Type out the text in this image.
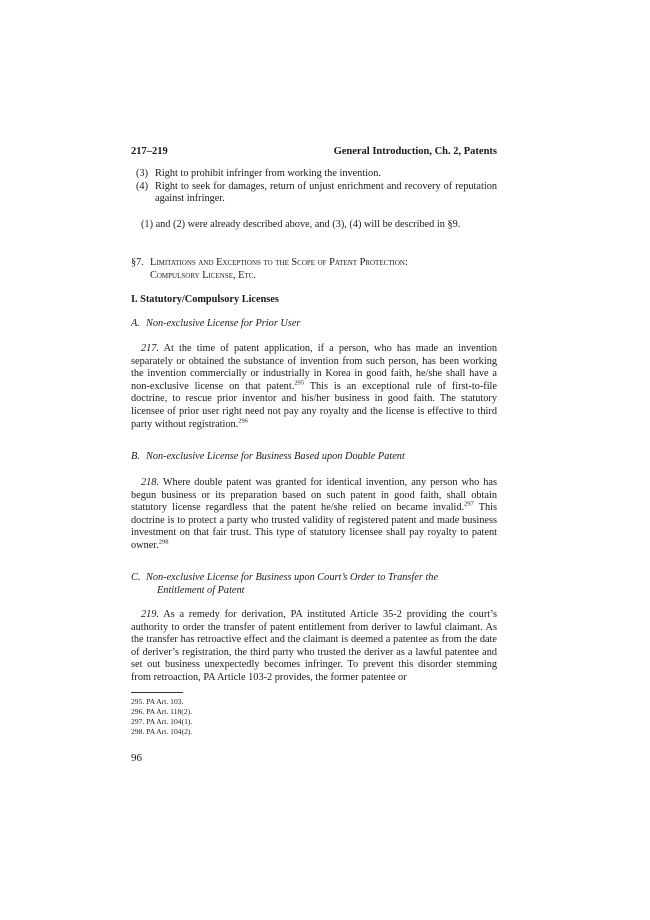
217–219	General Introduction, Ch. 2, Patents
(3) Right to prohibit infringer from working the invention.
(4) Right to seek for damages, return of unjust enrichment and recovery of reputation against infringer.
(1) and (2) were already described above, and (3), (4) will be described in §9.
§7. Limitations and Exceptions to the Scope of Patent Protection:
Compulsory License, Etc.
I. Statutory/Compulsory Licenses
A. Non-exclusive License for Prior User
217. At the time of patent application, if a person, who has made an invention separately or obtained the substance of invention from such person, has been working the invention commercially or industrially in Korea in good faith, he/she shall have a non-exclusive license on that patent.$^{295}$ This is an exceptional rule of first-to-file doctrine, to rescue prior inventor and his/her business in good faith. The statutory licensee of prior user right need not pay any royalty and the license is effective to third party without registration.$^{296}$
B. Non-exclusive License for Business Based upon Double Patent
218. Where double patent was granted for identical invention, any person who has begun business or its preparation based on such patent in good faith, shall obtain statutory license regardless that the patent he/she relied on became invalid.$^{297}$ This doctrine is to protect a party who trusted validity of registered patent and made business investment on that fair trust. This type of statutory licensee shall pay royalty to patent owner.$^{298}$
C. Non-exclusive License for Business upon Court’s Order to Transfer the
Entitlement of Patent
219. As a remedy for derivation, PA instituted Article 35-2 providing the court’s authority to order the transfer of patent entitlement from deriver to lawful claimant. As the transfer has retroactive effect and the claimant is deemed a patentee as from the date of deriver’s registration, the third party who trusted the deriver as a lawful patentee and set out business unexpectedly becomes infringer. To prevent this disorder stemming from retroaction, PA Article 103-2 provides, the former patentee or
295. PA Art. 103.
296. PA Art. 118(2).
297. PA Art. 104(1).
298. PA Art. 104(2).
96
